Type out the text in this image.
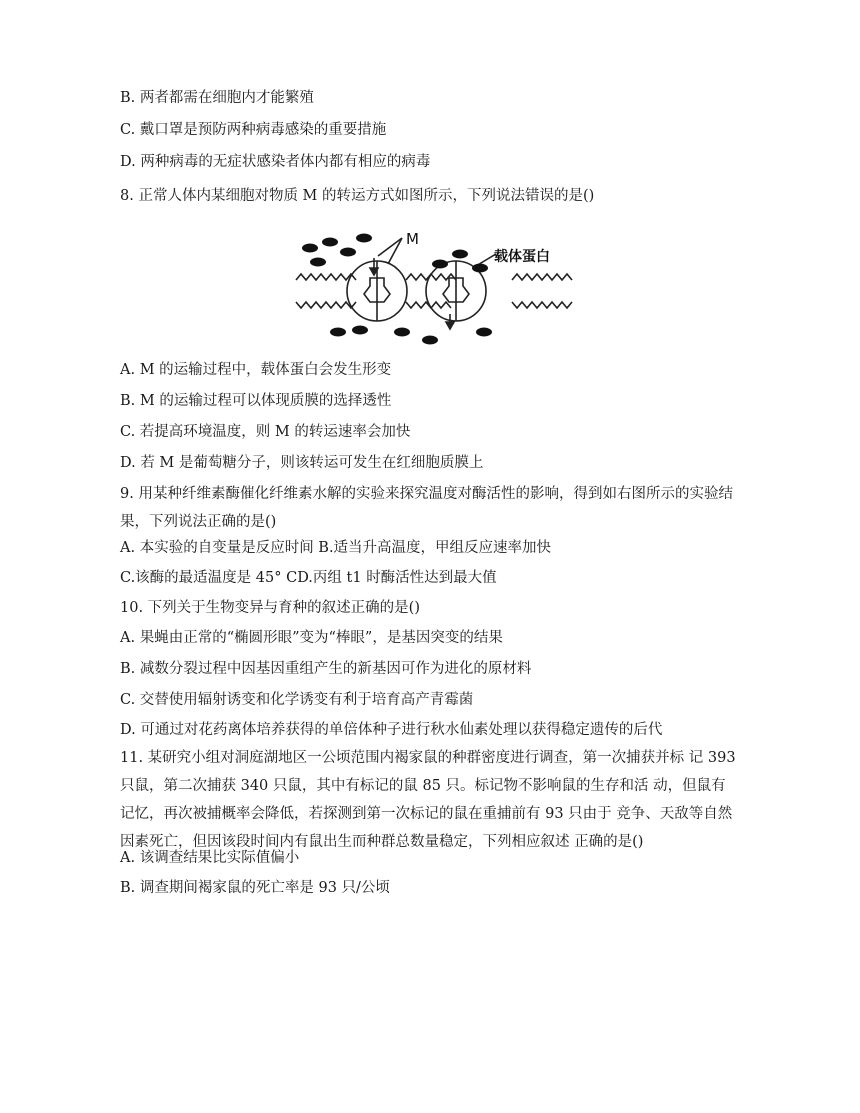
B. 两者都需在细胞内才能繁殖
C. 戴口罩是预防两种病毒感染的重要措施
D. 两种病毒的无症状感染者体内都有相应的病毒
8. 正常人体内某细胞对物质 M 的转运方式如图所示，下列说法错误的是()
M
载体蛋白
A. M 的运输过程中，载体蛋白会发生形变
B. M 的运输过程可以体现质膜的选择透性
C. 若提高环境温度，则 M 的转运速率会加快
D. 若 M 是葡萄糖分子，则该转运可发生在红细胞质膜上
9. 用某种纤维素酶催化纤维素水解的实验来探究温度对酶活性的影响，得到如右图所示的实验结果，下列说法正确的是()
A. 本实验的自变量是反应时间 B.适当升高温度，甲组反应速率加快
C.该酶的最适温度是 45° CD.丙组 t1 时酶活性达到最大值
10. 下列关于生物变异与育种的叙述正确的是()
A. 果蝇由正常的“椭圆形眼”变为“棒眼”，是基因突变的结果
B. 减数分裂过程中因基因重组产生的新基因可作为进化的原材料
C. 交替使用辐射诱变和化学诱变有利于培育高产青霉菌
D. 可通过对花药离体培养获得的单倍体种子进行秋水仙素处理以获得稳定遗传的后代
11. 某研究小组对洞庭湖地区一公顷范围内褐家鼠的种群密度进行调查，第一次捕获并标 记 393 只鼠，第二次捕获 340 只鼠，其中有标记的鼠 85 只。标记物不影响鼠的生存和活 动，但鼠有记忆，再次被捕概率会降低，若探测到第一次标记的鼠在重捕前有 93 只由于 竞争、天敌等自然因素死亡，但因该段时间内有鼠出生而种群总数量稳定，下列相应叙述 正确的是()
A. 该调查结果比实际值偏小
B. 调查期间褐家鼠的死亡率是 93 只/公顷
